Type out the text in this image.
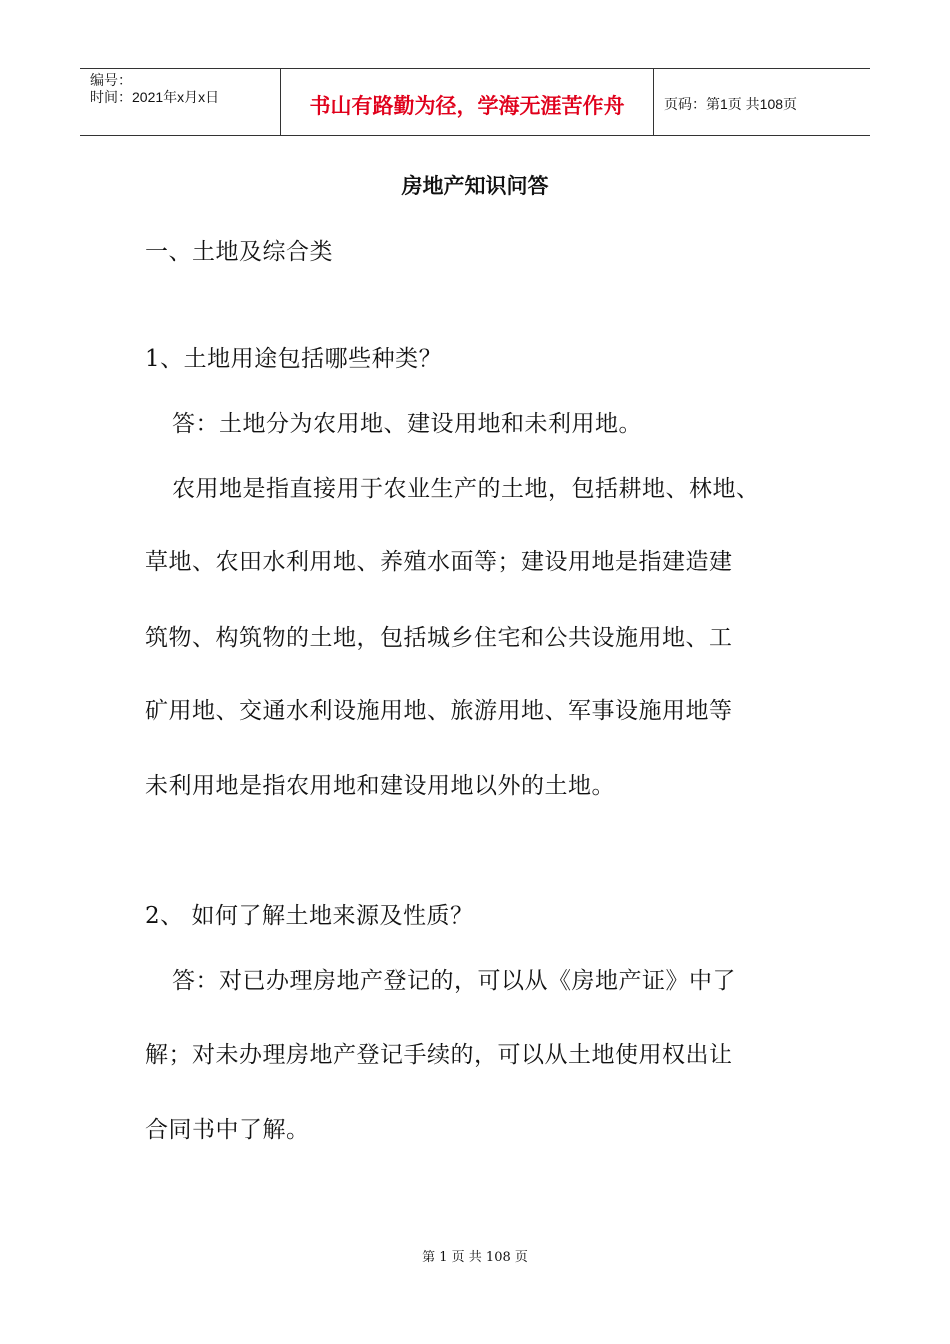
编号：
时间：2021年x月x日	书山有路勤为径，学海无涯苦作舟	页码：第1页 共108页
房地产知识问答
一、土地及综合类
1、土地用途包括哪些种类？
答：土地分为农用地、建设用地和未利用地。
农用地是指直接用于农业生产的土地，包括耕地、林地、
草地、农田水利用地、养殖水面等；建设用地是指建造建
筑物、构筑物的土地，包括城乡住宅和公共设施用地、工
矿用地、交通水利设施用地、旅游用地、军事设施用地等
未利用地是指农用地和建设用地以外的土地。
2、 如何了解土地来源及性质？
答：对已办理房地产登记的，可以从《房地产证》中了
解；对未办理房地产登记手续的，可以从土地使用权出让
合同书中了解。
第 1 页 共 108 页
